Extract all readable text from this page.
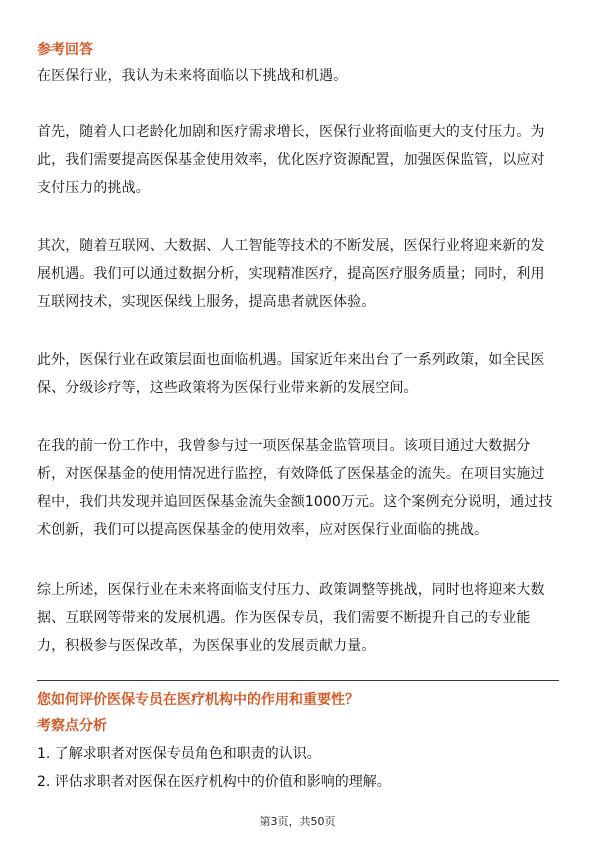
参考回答
在医保行业，我认为未来将面临以下挑战和机遇。
首先，随着人口老龄化加剧和医疗需求增长，医保行业将面临更大的支付压力。为
此，我们需要提高医保基金使用效率，优化医疗资源配置，加强医保监管，以应对
支付压力的挑战。
其次，随着互联网、大数据、人工智能等技术的不断发展，医保行业将迎来新的发
展机遇。我们可以通过数据分析，实现精准医疗，提高医疗服务质量；同时，利用
互联网技术，实现医保线上服务，提高患者就医体验。
此外，医保行业在政策层面也面临机遇。国家近年来出台了一系列政策，如全民医
保、分级诊疗等，这些政策将为医保行业带来新的发展空间。
在我的前一份工作中，我曾参与过一项医保基金监管项目。该项目通过大数据分
析，对医保基金的使用情况进行监控，有效降低了医保基金的流失。在项目实施过
程中，我们共发现并追回医保基金流失金额1000万元。这个案例充分说明，通过技
术创新，我们可以提高医保基金的使用效率，应对医保行业面临的挑战。
综上所述，医保行业在未来将面临支付压力、政策调整等挑战，同时也将迎来大数
据、互联网等带来的发展机遇。作为医保专员，我们需要不断提升自己的专业能
力，积极参与医保改革，为医保事业的发展贡献力量。
您如何评价医保专员在医疗机构中的作用和重要性？
考察点分析
1. 了解求职者对医保专员角色和职责的认识。
2. 评估求职者对医保在医疗机构中的价值和影响的理解。
第3页，共50页
